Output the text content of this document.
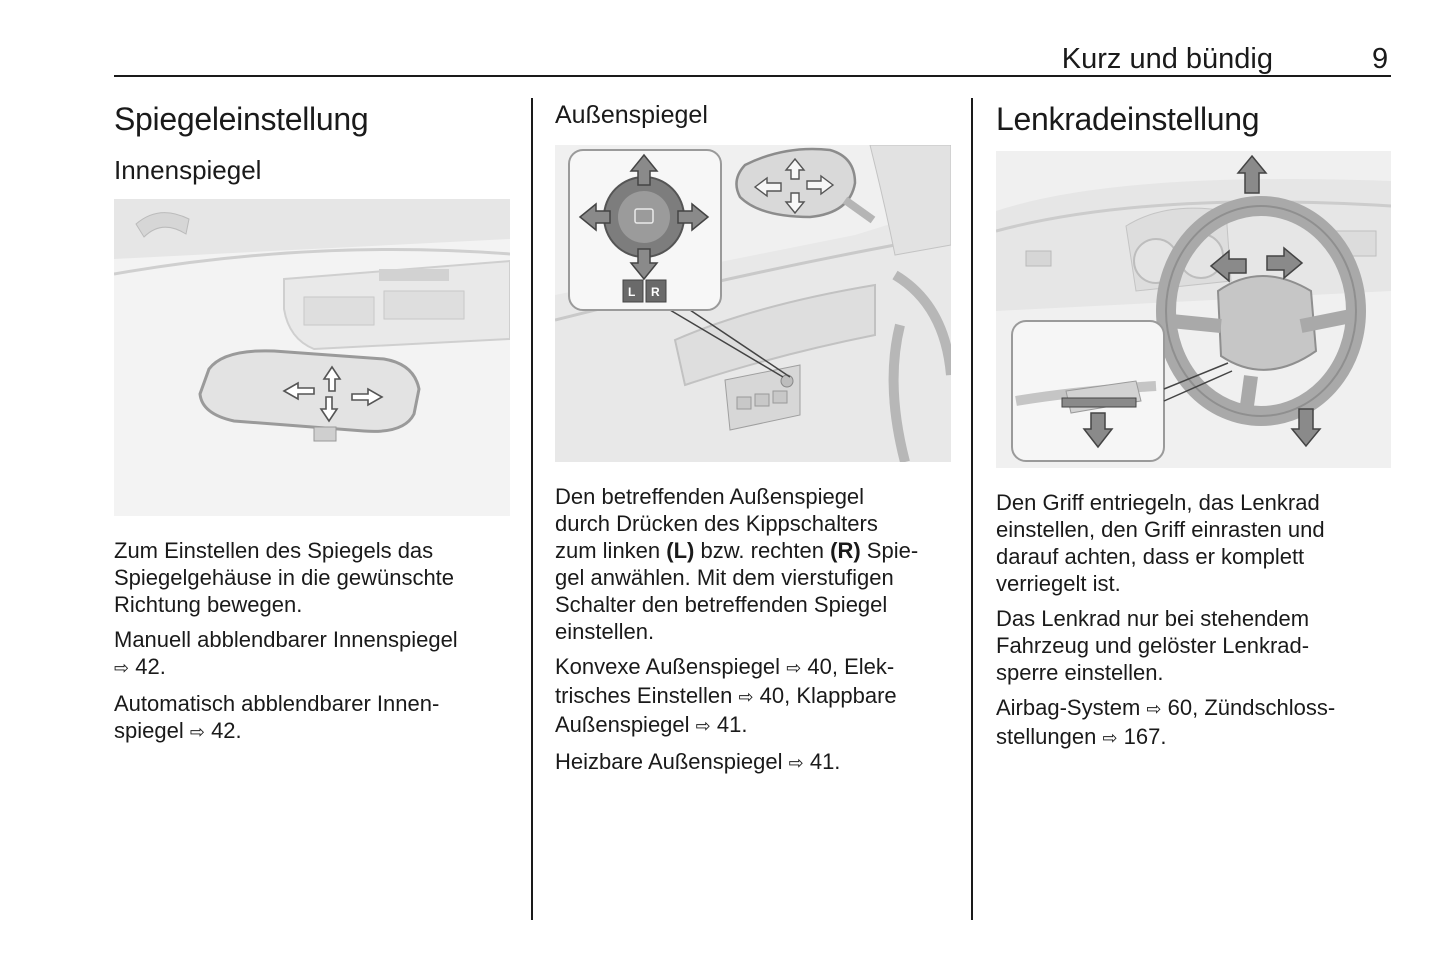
Kurz und bündig	9
Spiegeleinstellung
Innenspiegel

Zum Einstellen des Spiegels das
Spiegelgehäuse in die gewünschte
Richtung bewegen.

Manuell abblendbarer Innenspiegel
⇨ 42.

Automatisch abblendbarer Innen-
spiegel ⇨ 42.

Außenspiegel
L R

Den betreffenden Außenspiegel
durch Drücken des Kippschalters
zum linken (L) bzw. rechten (R) Spie-
gel anwählen. Mit dem vierstufigen
Schalter den betreffenden Spiegel
einstellen.

Konvexe Außenspiegel ⇨ 40, Elek-
trisches Einstellen ⇨ 40, Klappbare
Außenspiegel ⇨ 41.

Heizbare Außenspiegel ⇨ 41.

Lenkradeinstellung

Den Griff entriegeln, das Lenkrad
einstellen, den Griff einrasten und
darauf achten, dass er komplett
verriegelt ist.

Das Lenkrad nur bei stehendem
Fahrzeug und gelöster Lenkrad-
sperre einstellen.

Airbag-System ⇨ 60, Zündschloss-
stellungen ⇨ 167.
